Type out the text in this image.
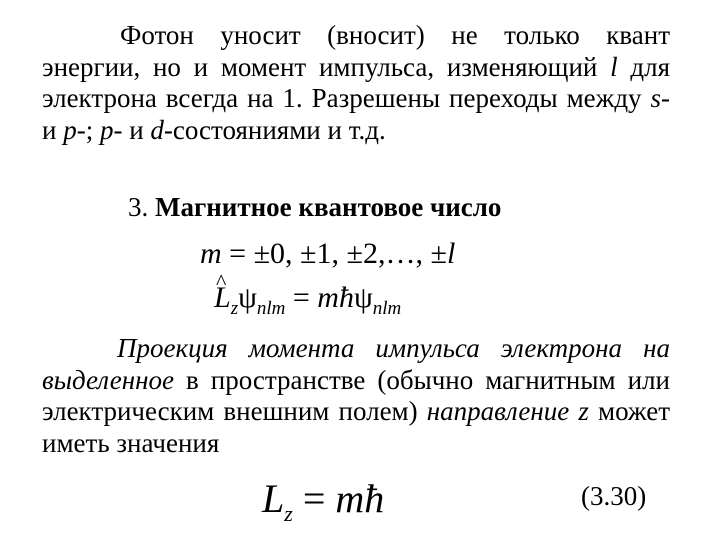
Фотон уносит (вносит) не только квант энергии, но и момент импульса, изменяющий l для электрона всегда на 1. Разрешены переходы между s- и p-; p- и d-состояниями и т.д.

3. Магнитное квантовое число
m = ±0, ±1, ±2,…, ±l
^ $L_z\psi_{nlm}$ = mħψ$_{nlm}$

Проекция момента импульса электрона на выделенное в пространстве (обычно магнитным или электрическим внешним полем) направление z может иметь значения

$L_z$ = mħ	(3.30)
